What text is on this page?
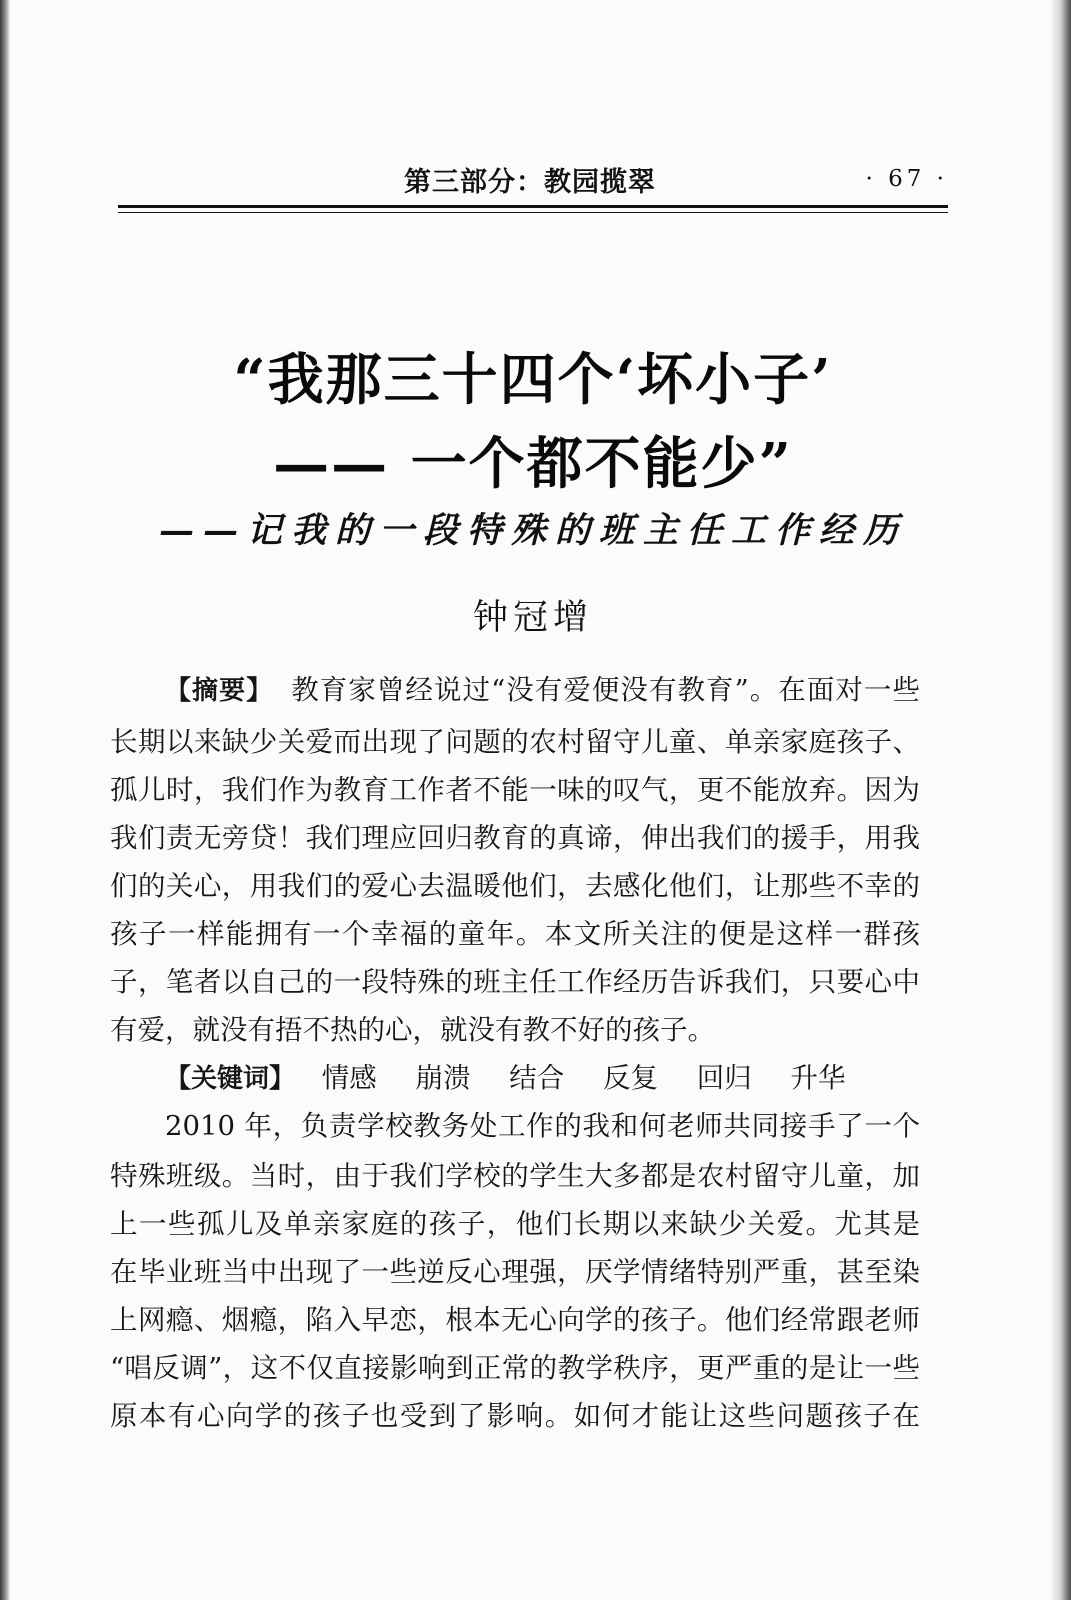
第三部分：教园揽翠	· 67 ·
“我那三十四个‘坏小子’
—— 一个都不能少”
——记我的一段特殊的班主任工作经历
钟冠增
【摘要】 教育家曾经说过“没有爱便没有教育”。在面对一些
长期以来缺少关爱而出现了问题的农村留守儿童、单亲家庭孩子、
孤儿时，我们作为教育工作者不能一味的叹气，更不能放弃。因为
我们责无旁贷！我们理应回归教育的真谛，伸出我们的援手，用我
们的关心，用我们的爱心去温暖他们，去感化他们，让那些不幸的
孩子一样能拥有一个幸福的童年。本文所关注的便是这样一群孩
子，笔者以自己的一段特殊的班主任工作经历告诉我们，只要心中
有爱，就没有捂不热的心，就没有教不好的孩子。
【关键词】 情感 崩溃 结合 反复 回归 升华
2010 年，负责学校教务处工作的我和何老师共同接手了一个
特殊班级。当时，由于我们学校的学生大多都是农村留守儿童，加
上一些孤儿及单亲家庭的孩子，他们长期以来缺少关爱。尤其是
在毕业班当中出现了一些逆反心理强，厌学情绪特别严重，甚至染
上网瘾、烟瘾，陷入早恋，根本无心向学的孩子。他们经常跟老师
“唱反调”，这不仅直接影响到正常的教学秩序，更严重的是让一些
原本有心向学的孩子也受到了影响。如何才能让这些问题孩子在
